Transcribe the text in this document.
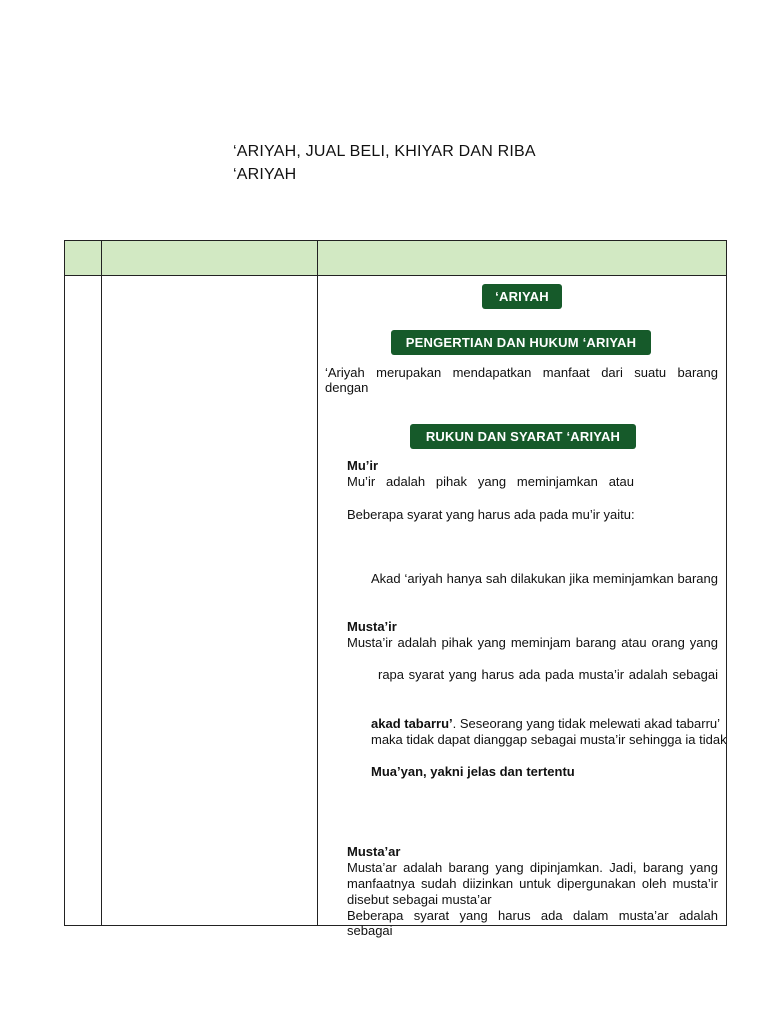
‘ARIYAH, JUAL BELI, KHIYAR DAN RIBA
‘ARIYAH
‘ARIYAH
PENGERTIAN DAN HUKUM ‘ARIYAH
‘Ariyah merupakan mendapatkan manfaat dari suatu barang dengan
RUKUN DAN SYARAT ‘ARIYAH
Mu’ir
Mu’ir adalah pihak yang meminjamkan atau
Beberapa syarat yang harus ada pada mu’ir yaitu:
Akad ‘ariyah hanya sah dilakukan jika meminjamkan barang
Musta’ir
Musta’ir adalah pihak yang meminjam barang atau orang yang
rapa syarat yang harus ada pada musta’ir adalah sebagai
akad tabarru’. Seseorang yang tidak melewati akad tabarru’
maka tidak dapat dianggap sebagai musta’ir sehingga ia tidak
Mua’yan, yakni jelas dan tertentu
Musta’ar
Musta’ar adalah barang yang dipinjamkan. Jadi, barang yang
manfaatnya sudah diizinkan untuk dipergunakan oleh musta’ir
disebut sebagai musta’ar
Beberapa syarat yang harus ada dalam musta’ar adalah sebagai
